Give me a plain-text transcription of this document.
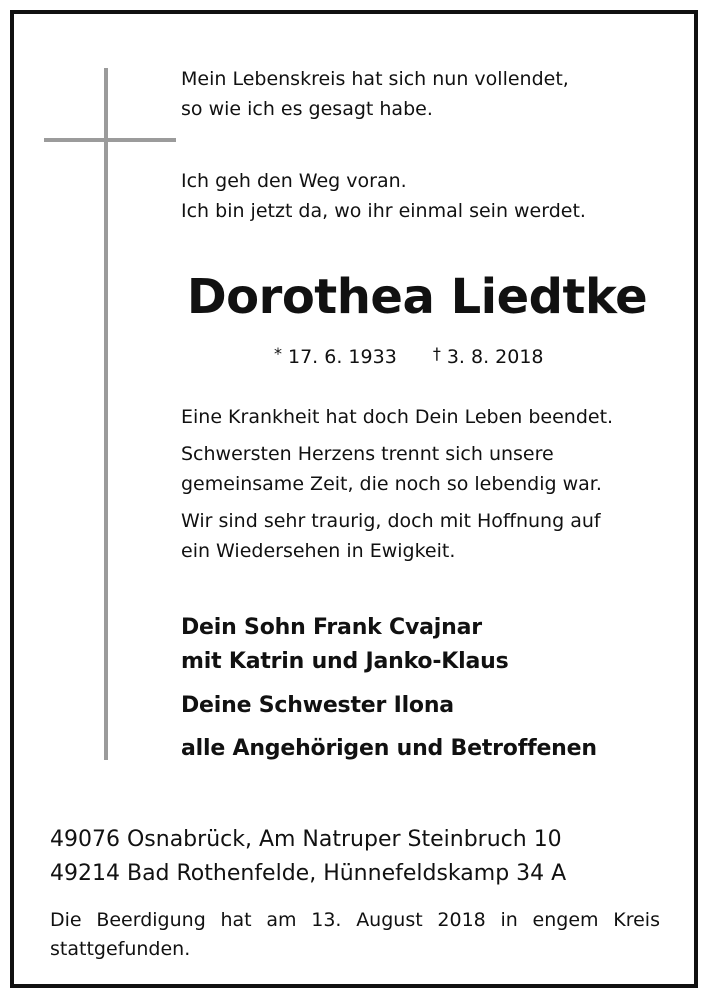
Mein Lebenskreis hat sich nun vollendet,
so wie ich es gesagt habe.
Ich geh den Weg voran.
Ich bin jetzt da, wo ihr einmal sein werdet.
Dorothea Liedtke
* 17. 6. 1933 † 3. 8. 2018
Eine Krankheit hat doch Dein Leben beendet.
Schwersten Herzens trennt sich unsere
gemeinsame Zeit, die noch so lebendig war.
Wir sind sehr traurig, doch mit Hoffnung auf
ein Wiedersehen in Ewigkeit.
Dein Sohn Frank Cvajnar
mit Katrin und Janko-Klaus
Deine Schwester Ilona
alle Angehörigen und Betroffenen
49076 Osnabrück, Am Natruper Steinbruch 10
49214 Bad Rothenfelde, Hünnefeldskamp 34 A
Die Beerdigung hat am 13. August 2018 in engem Kreis stattgefunden.
